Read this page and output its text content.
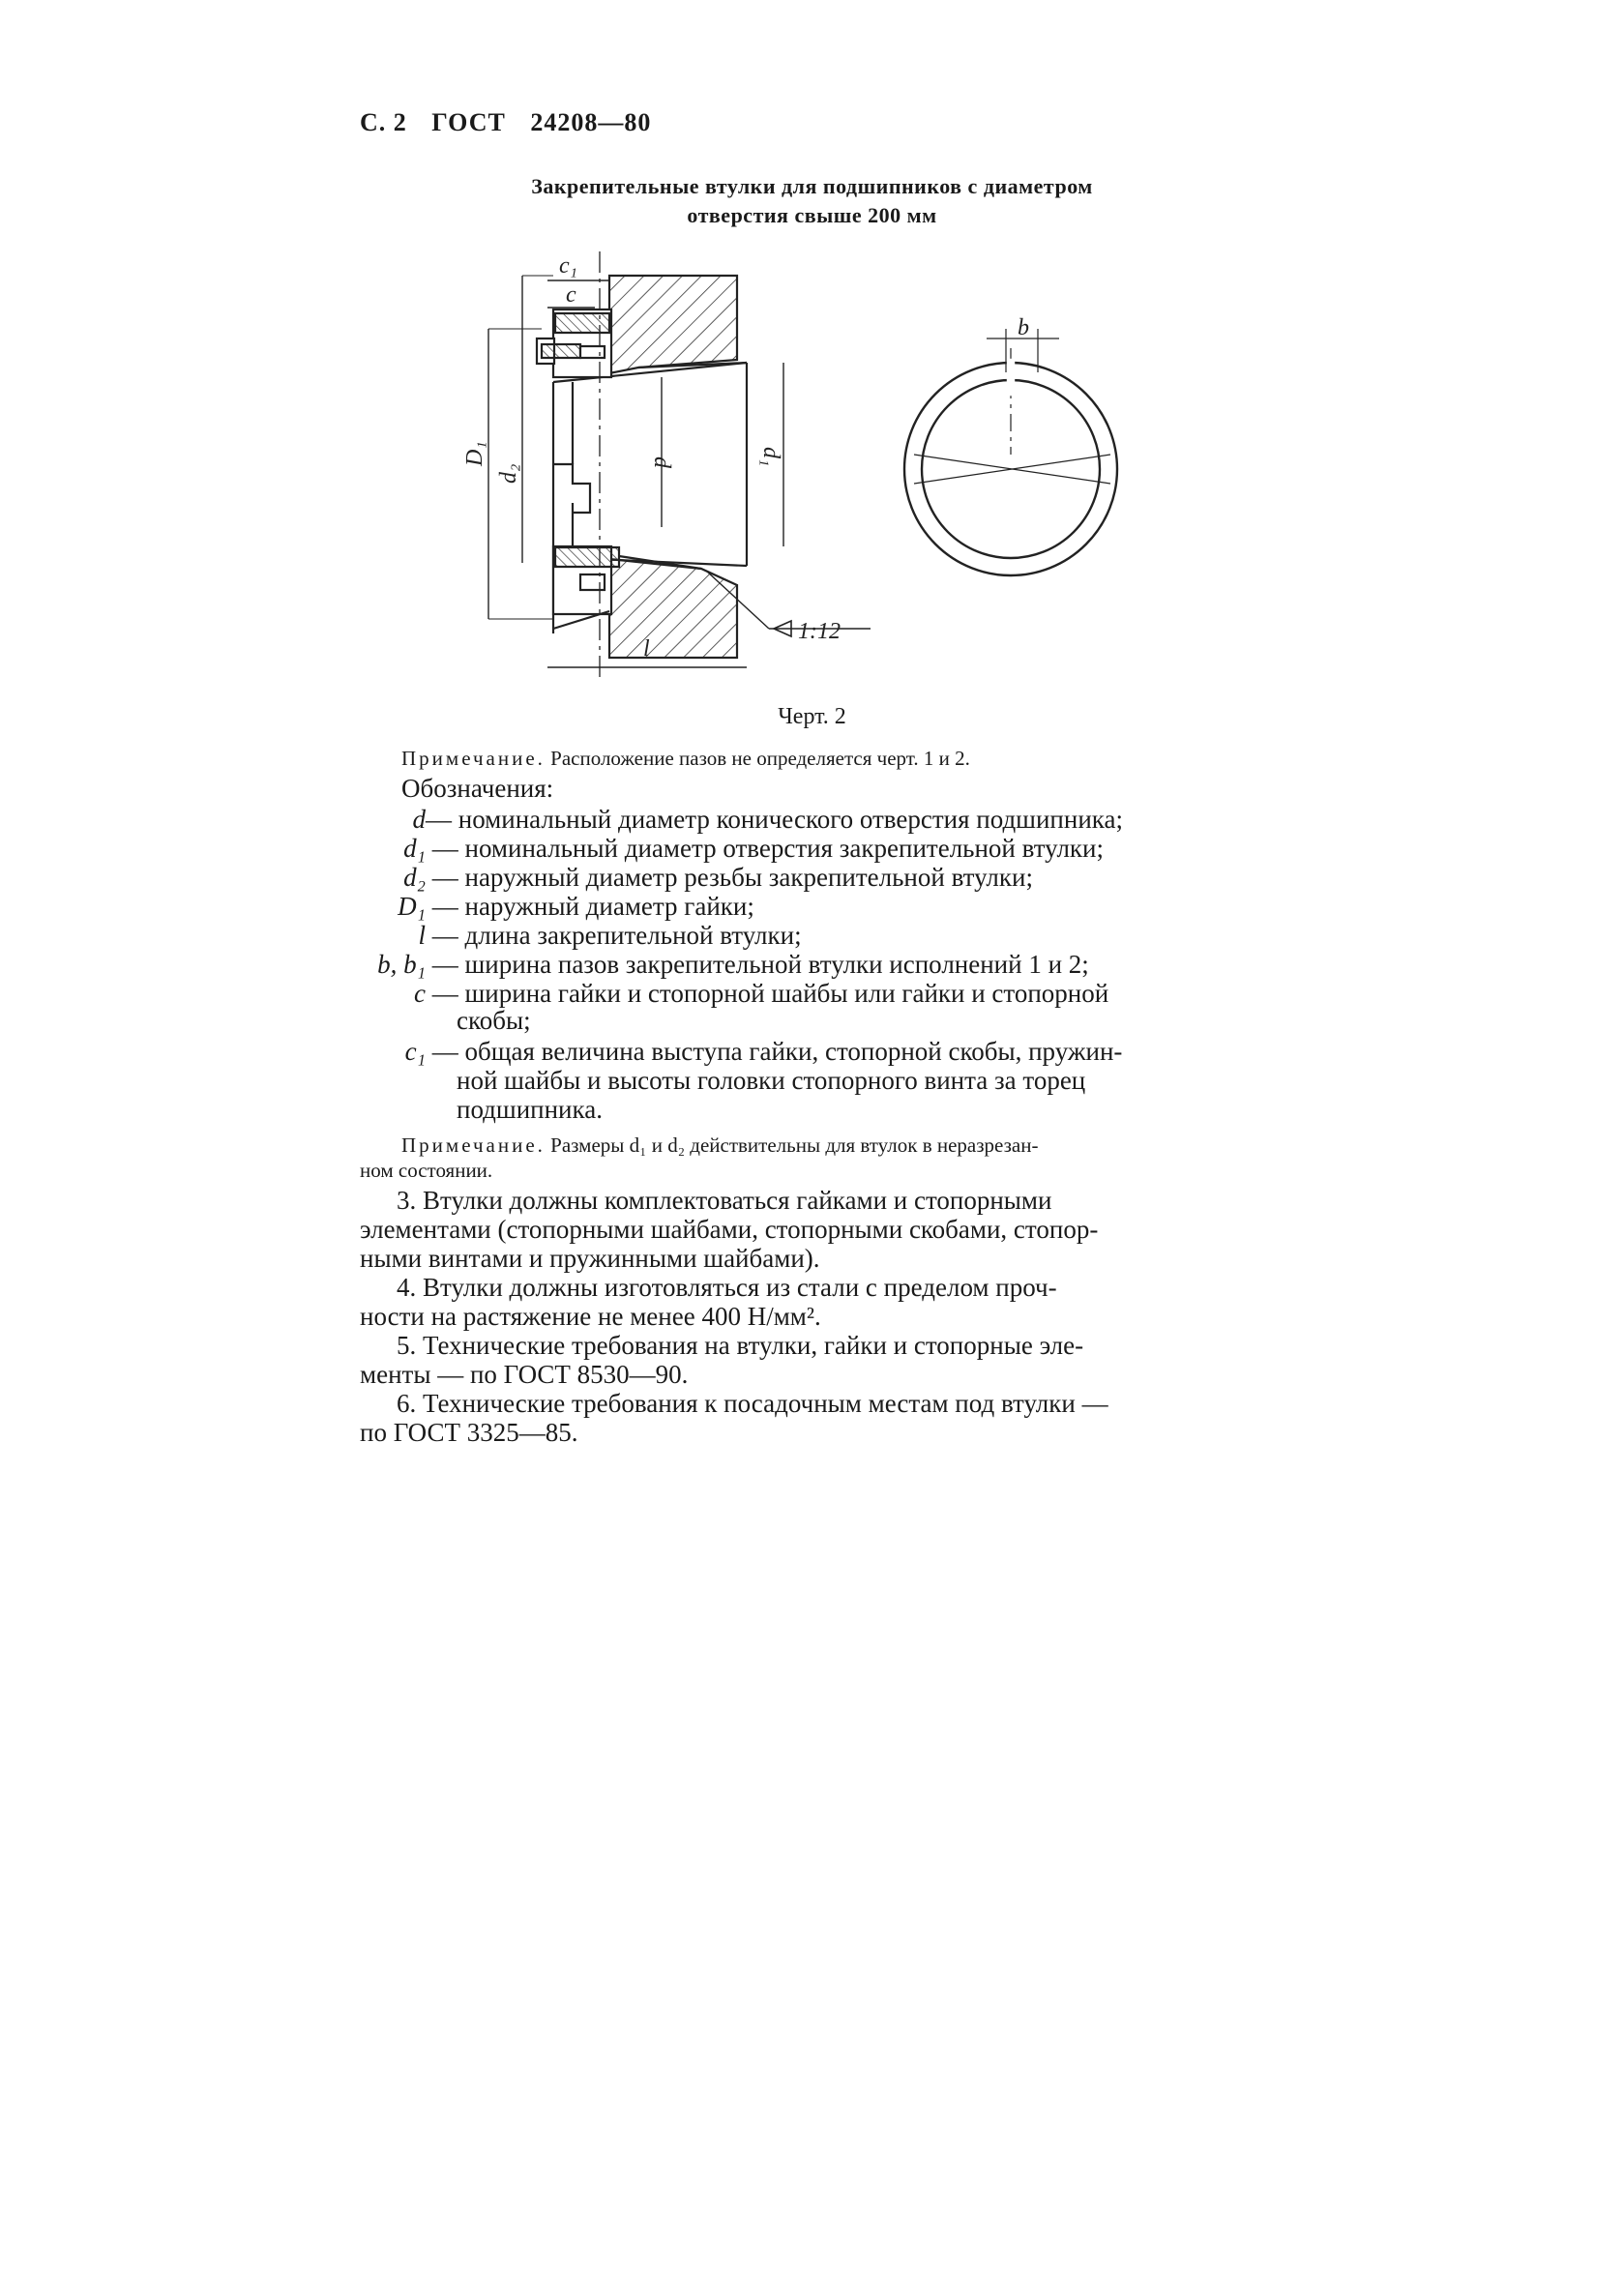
С. 2 ГОСТ 24208—80
Закрепительные втулки для подшипников с диаметром
отверстия свыше 200 мм
c₁
c
D₁
d₂
d	d₁
l
1:12
b
Черт. 2
Примечание. Расположение пазов не определяется черт. 1 и 2.
Обозначения:
d— номинальный диаметр конического отверстия подшипника;
d₁ — номинальный диаметр отверстия закрепительной втулки;
d₂ — наружный диаметр резьбы закрепительной втулки;
D₁ — наружный диаметр гайки;
l — длина закрепительной втулки;
b, b₁ — ширина пазов закрепительной втулки исполнений 1 и 2;
c — ширина гайки и стопорной шайбы или гайки и стопорной
скобы;
c₁ — общая величина выступа гайки, стопорной скобы, пружин-
ной шайбы и высоты головки стопорного винта за торец
подшипника.
Примечание. Размеры d₁ и d₂ действительны для втулок в неразрезан-
ном состоянии.
3. Втулки должны комплектоваться гайками и стопорными
элементами (стопорными шайбами, стопорными скобами, стопор-
ными винтами и пружинными шайбами).
4. Втулки должны изготовляться из стали с пределом проч-
ности на растяжение не менее 400 Н/мм².
5. Технические требования на втулки, гайки и стопорные эле-
менты — по ГОСТ 8530—90.
6. Технические требования к посадочным местам под втулки —
по ГОСТ 3325—85.
